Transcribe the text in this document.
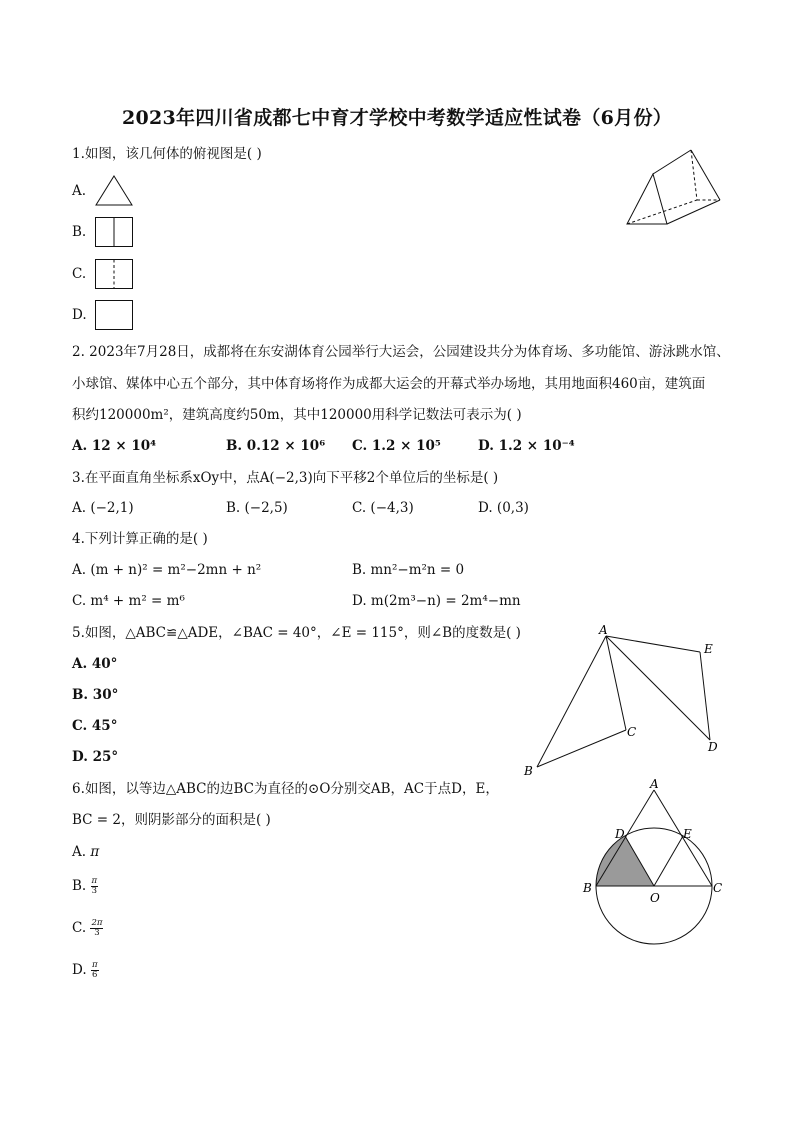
2023年四川省成都七中育才学校中考数学适应性试卷（6月份）
1.如图，该几何体的俯视图是( )
A.
B.
C.
D.
2. 2023年7月28日，成都将在东安湖体育公园举行大运会，公园建设共分为体育场、多功能馆、游泳跳水馆、
小球馆、媒体中心五个部分，其中体育场将作为成都大运会的开幕式举办场地，其用地面积460亩，建筑面
积约120000m²，建筑高度约50m，其中120000用科学记数法可表示为( )
A. 12 × 10⁴	B. 0.12 × 10⁶ C. 1.2 × 10⁵	D. 1.2 × 10⁻⁴
3.在平面直角坐标系xOy中，点A(−2,3)向下平移2个单位后的坐标是( )
A. (−2,1)	B. (−2,5)	C. (−4,3)	D. (0,3)
4.下列计算正确的是( )
A. (m + n)² = m²−2mn + n²	B. mn²−m²n = 0
C. m⁴ + m² = m⁶	D. m(2m³−n) = 2m⁴−mn
5.如图，△ABC≌△ADE，∠BAC = 40°，∠E = 115°，则∠B的度数是( )
A. 40°
B. 30°
C. 45°
D. 25°
A
E
C
D
B
6.如图，以等边△ABC的边BC为直径的⊙O分别交AB，AC于点D，E，
BC = 2，则阴影部分的面积是( )
A. π
B. $\frac{\pi}{3}$
C. $\frac{2\pi}{3}$
D. $\frac{\pi}{6}$
A
D	E
B	C
O
